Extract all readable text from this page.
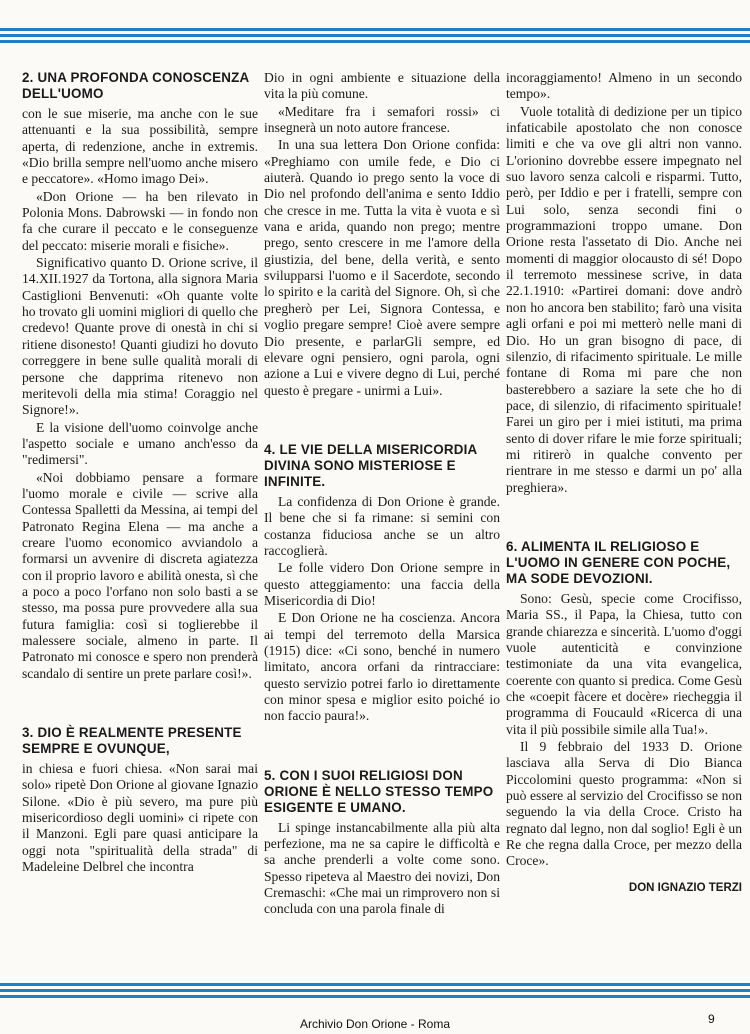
2. UNA PROFONDA CONOSCENZA DELL'UOMO

con le sue miserie, ma anche con le sue attenuanti e la sua possibilità, sempre aperta, di redenzione, anche in extremis. «Dio brilla sempre nell'uomo anche misero e peccatore». «Homo imago Dei».

«Don Orione — ha ben rilevato in Polonia Mons. Dabrowski — in fondo non fa che curare il peccato e le conseguenze del peccato: miserie morali e fisiche».

Significativo quanto D. Orione scrive, il 14.XII.1927 da Tortona, alla signora Maria Castiglioni Benvenuti: «Oh quante volte ho trovato gli uomini migliori di quello che credevo! Quante prove di onestà in chi si ritiene disonesto! Quanti giudizi ho dovuto correggere in bene sulle qualità morali di persone che dapprima ritenevo non meritevoli della mia stima! Coraggio nel Signore!».

E la visione dell'uomo coinvolge anche l'aspetto sociale e umano anch'esso da "redimersi".

«Noi dobbiamo pensare a formare l'uomo morale e civile — scrive alla Contessa Spalletti da Messina, ai tempi del Patronato Regina Elena — ma anche a creare l'uomo economico avviandolo a formarsi un avvenire di discreta agiatezza con il proprio lavoro e abilità onesta, sì che a poco a poco l'orfano non solo basti a se stesso, ma possa pure provvedere alla sua futura famiglia: così si toglierebbe il malessere sociale, almeno in parte. Il Patronato mi conosce e spero non prenderà scandalo di sentire un prete parlare così!».

3. DIO È REALMENTE PRESENTE SEMPRE E OVUNQUE,

in chiesa e fuori chiesa. «Non sarai mai solo» ripetè Don Orione al giovane Ignazio Silone. «Dio è più severo, ma pure più misericordioso degli uomini» ci ripete con il Manzoni. Egli pare quasi anticipare la oggi nota "spiritualità della strada" di Madeleine Delbrel che incontra

Dio in ogni ambiente e situazione della vita la più comune.

«Meditare fra i semafori rossi» ci insegnerà un noto autore francese.

In una sua lettera Don Orione confida: «Preghiamo con umile fede, e Dio ci aiuterà. Quando io prego sento la voce di Dio nel profondo dell'anima e sento Iddio che cresce in me. Tutta la vita è vuota e sì vana e arida, quando non prego; mentre prego, sento crescere in me l'amore della giustizia, del bene, della verità, e sento svilupparsi l'uomo e il Sacerdote, secondo lo spirito e la carità del Signore. Oh, sì che pregherò per Lei, Signora Contessa, e voglio pregare sempre! Cioè avere sempre Dio presente, e parlarGli sempre, ed elevare ogni pensiero, ogni parola, ogni azione a Lui e vivere degno di Lui, perché questo è pregare - unirmi a Lui».

4. LE VIE DELLA MISERICORDIA DIVINA SONO MISTERIOSE E INFINITE.

La confidenza di Don Orione è grande. Il bene che si fa rimane: si semini con costanza fiduciosa anche se un altro raccoglierà.

Le folle videro Don Orione sempre in questo atteggiamento: una faccia della Misericordia di Dio!

E Don Orione ne ha coscienza. Ancora ai tempi del terremoto della Marsica (1915) dice: «Ci sono, benché in numero limitato, ancora orfani da rintracciare: questo servizio potrei farlo io direttamente con minor spesa e miglior esito poiché io non faccio paura!».

5. CON I SUOI RELIGIOSI DON ORIONE È NELLO STESSO TEMPO ESIGENTE E UMANO.

Li spinge instancabilmente alla più alta perfezione, ma ne sa capire le difficoltà e sa anche prenderli a volte come sono. Spesso ripeteva al Maestro dei novizi, Don Cremaschi: «Che mai un rimprovero non si concluda con una parola finale di

incoraggiamento! Almeno in un secondo tempo».

Vuole totalità di dedizione per un tipico infaticabile apostolato che non conosce limiti e che va ove gli altri non vanno. L'orionino dovrebbe essere impegnato nel suo lavoro senza calcoli e risparmi. Tutto, però, per Iddio e per i fratelli, sempre con Lui solo, senza secondi fini o programmazioni troppo umane. Don Orione resta l'assetato di Dio. Anche nei momenti di maggior olocausto di sé! Dopo il terremoto messinese scrive, in data 22.1.1910: «Partirei domani: dove andrò non ho ancora ben stabilito; farò una visita agli orfani e poi mi metterò nelle mani di Dio. Ho un gran bisogno di pace, di silenzio, di rifacimento spirituale. Le mille fontane di Roma mi pare che non basterebbero a saziare la sete che ho di pace, di silenzio, di rifacimento spirituale! Farei un giro per i miei istituti, ma prima sento di dover rifare le mie forze spirituali; mi ritirerò in qualche convento per rientrare in me stesso e darmi un po' alla preghiera».

6. ALIMENTA IL RELIGIOSO E L'UOMO IN GENERE CON POCHE, MA SODE DEVOZIONI.

Sono: Gesù, specie come Crocifisso, Maria SS., il Papa, la Chiesa, tutto con grande chiarezza e sincerità. L'uomo d'oggi vuole autenticità e convinzione testimoniate da una vita evangelica, coerente con quanto si predica. Come Gesù che «coepit fàcere et docère» riecheggia il programma di Foucauld «Ricerca di una vita il più possibile simile alla Tua!».

Il 9 febbraio del 1933 D. Orione lasciava alla Serva di Dio Bianca Piccolomini questo programma: «Non si può essere al servizio del Crocifisso se non seguendo la via della Croce. Cristo ha regnato dal legno, non dal soglio! Egli è un Re che regna dalla Croce, per mezzo della Croce».

DON IGNAZIO TERZI
Archivio Don Orione - Roma	9
